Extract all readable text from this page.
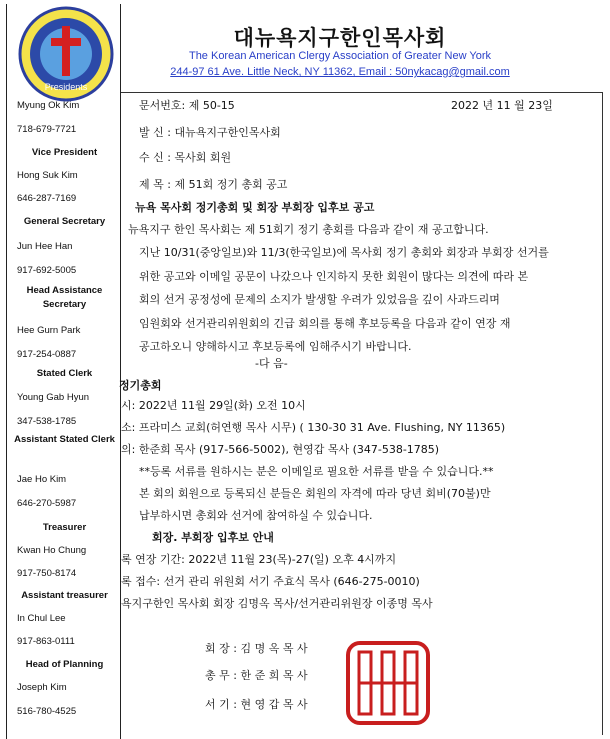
Presidents
대뉴욕지구한인목사회
The Korean American Clergy Association of Greater New York
244-97 61 Ave. Little Neck, NY 11362, Email : 50nykacag@gmail.com
Myung Ok Kim
718-679-7721
Vice President
Hong Suk Kim
646-287-7169
General Secretary
Jun Hee Han
917-692-5005
Head Assistance Secretary
Hee Gurn Park
917-254-0887
Stated Clerk
Young Gab Hyun
347-538-1785
Assistant Stated Clerk
Jae Ho Kim
646-270-5987
Treasurer
Kwan Ho Chung
917-750-8174
Assistant treasurer
In Chul Lee
917-863-0111
Head of Planning
Joseph Kim
516-780-4525
문서번호: 제 50-15	2022 년 11 월 23일
발 신 : 대뉴욕지구한인목사회
수 신 : 목사회 회원
제 목 : 제 51회 정기 총회 공고
뉴욕 목사회 정기총회 및 회장 부회장 입후보 공고
뉴욕지구 한인 목사회는 제 51회기 정기 총회를 다음과 같이 재 공고합니다.
지난 10/31(중앙일보)와 11/3(한국일보)에 목사회 정기 총회와 회장과 부회장 선거를
위한 공고와 이메일 공문이 나갔으나 인지하지 못한 회원이 많다는 의견에 따라 본
회의 선거 공정성에 문제의 소지가 발생할 우려가 있었음을 깊이 사과드리며
임원회와 선거관리위원회의 긴급 회의를 통해 후보등록을 다음과 같이 연장 재
공고하오니 양해하시고 후보등록에 임해주시기 바랍니다.
-다 음-
정기총회
시: 2022년 11월 29일(화) 오전 10시
소: 프라미스 교회(허연행 목사 시무) ( 130-30 31 Ave. Flushing, NY 11365)
의: 한준희 목사 (917-566-5002), 현영갑 목사 (347-538-1785)
**등록 서류를 원하시는 분은 이메일로 필요한 서류를 받을 수 있습니다.**
본 회의 회원으로 등록되신 분들은 회원의 자격에 따라 당년 회비(70불)만
납부하시면 총회와 선거에 참여하실 수 있습니다.
회장. 부회장 입후보 안내
록 연장 기간: 2022년 11월 23(목)-27(일) 오후 4시까지
록 접수: 선거 관리 위원회 서기 주효식 목사 (646-275-0010)
욕지구한인 목사회 회장 김명옥 목사/선거관리위원장 이종명 목사
회 장 : 김 명 옥 목 사
총 무 : 한 준 희 목 사
서 기 : 현 영 갑 목 사
